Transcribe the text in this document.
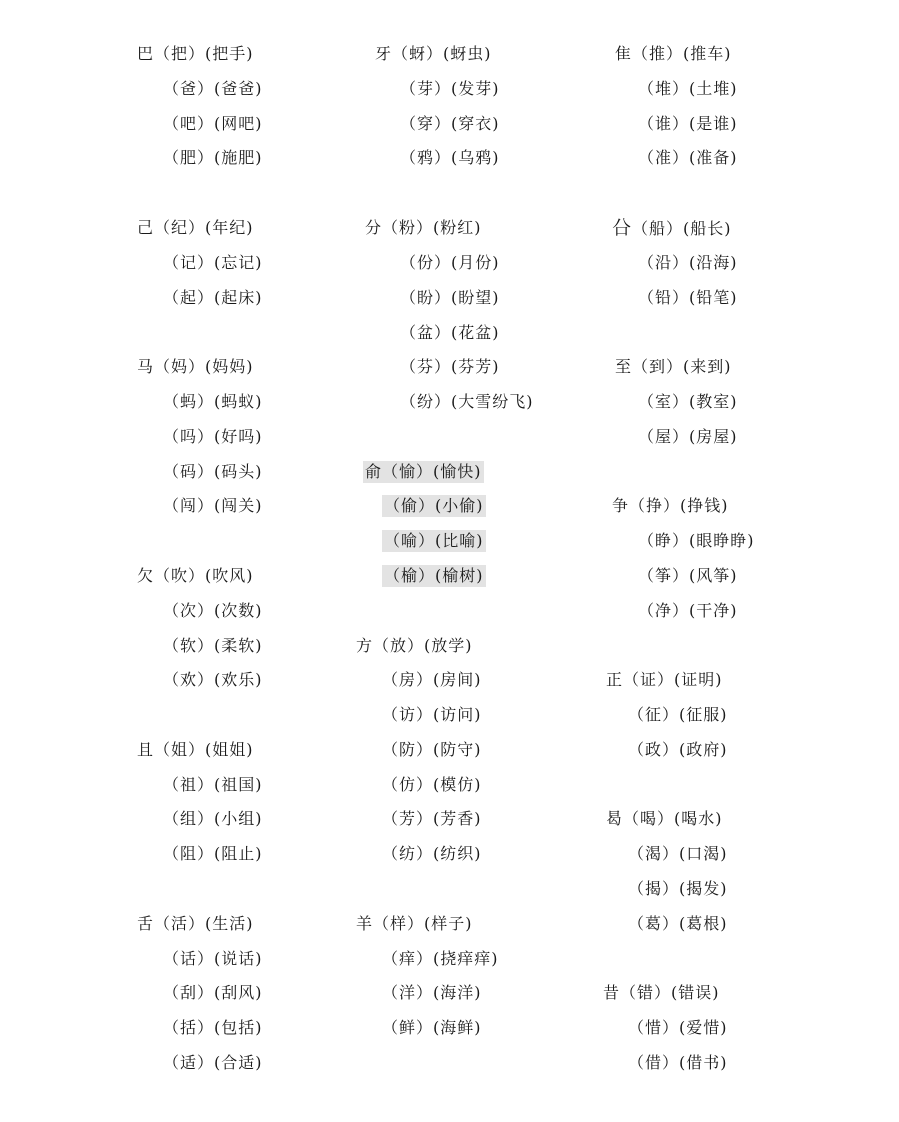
巴（把）(把手)
（爸）(爸爸)
（吧）(网吧)
（肥）(施肥)
己（纪）(年纪)
（记）(忘记)
（起）(起床)
马（妈）(妈妈)
（蚂）(蚂蚁)
（吗）(好吗)
（码）(码头)
（闯）(闯关)
欠（吹）(吹风)
（次）(次数)
（软）(柔软)
（欢）(欢乐)
且（姐）(姐姐)
（祖）(祖国)
（组）(小组)
（阻）(阻止)
舌（活）(生活)
（话）(说话)
（刮）(刮风)
（括）(包括)
（适）(合适)
牙（蚜）(蚜虫)
（芽）(发芽)
（穿）(穿衣)
（鸦）(乌鸦)
分（粉）(粉红)
（份）(月份)
（盼）(盼望)
（盆）(花盆)
（芬）(芬芳)
（纷）(大雪纷飞)
俞（愉）(愉快)
（偷）(小偷)
（喻）(比喻)
（榆）(榆树)
方（放）(放学)
（房）(房间)
（访）(访问)
（防）(防守)
（仿）(模仿)
（芳）(芳香)
（纺）(纺织)
羊（样）(样子)
（痒）(挠痒痒)
（洋）(海洋)
（鲜）(海鲜)
隹（推）(推车)
（堆）(土堆)
（谁）(是谁)
（准）(准备)
㕣（船）(船长)
（沿）(沿海)
（铅）(铅笔)
至（到）(来到)
（室）(教室)
（屋）(房屋)
争（挣）(挣钱)
（睁）(眼睁睁)
（筝）(风筝)
（净）(干净)
正（证）(证明)
（征）(征服)
（政）(政府)
曷（喝）(喝水)
（渴）(口渴)
（揭）(揭发)
（葛）(葛根)
昔（错）(错误)
（惜）(爱惜)
（借）(借书)
